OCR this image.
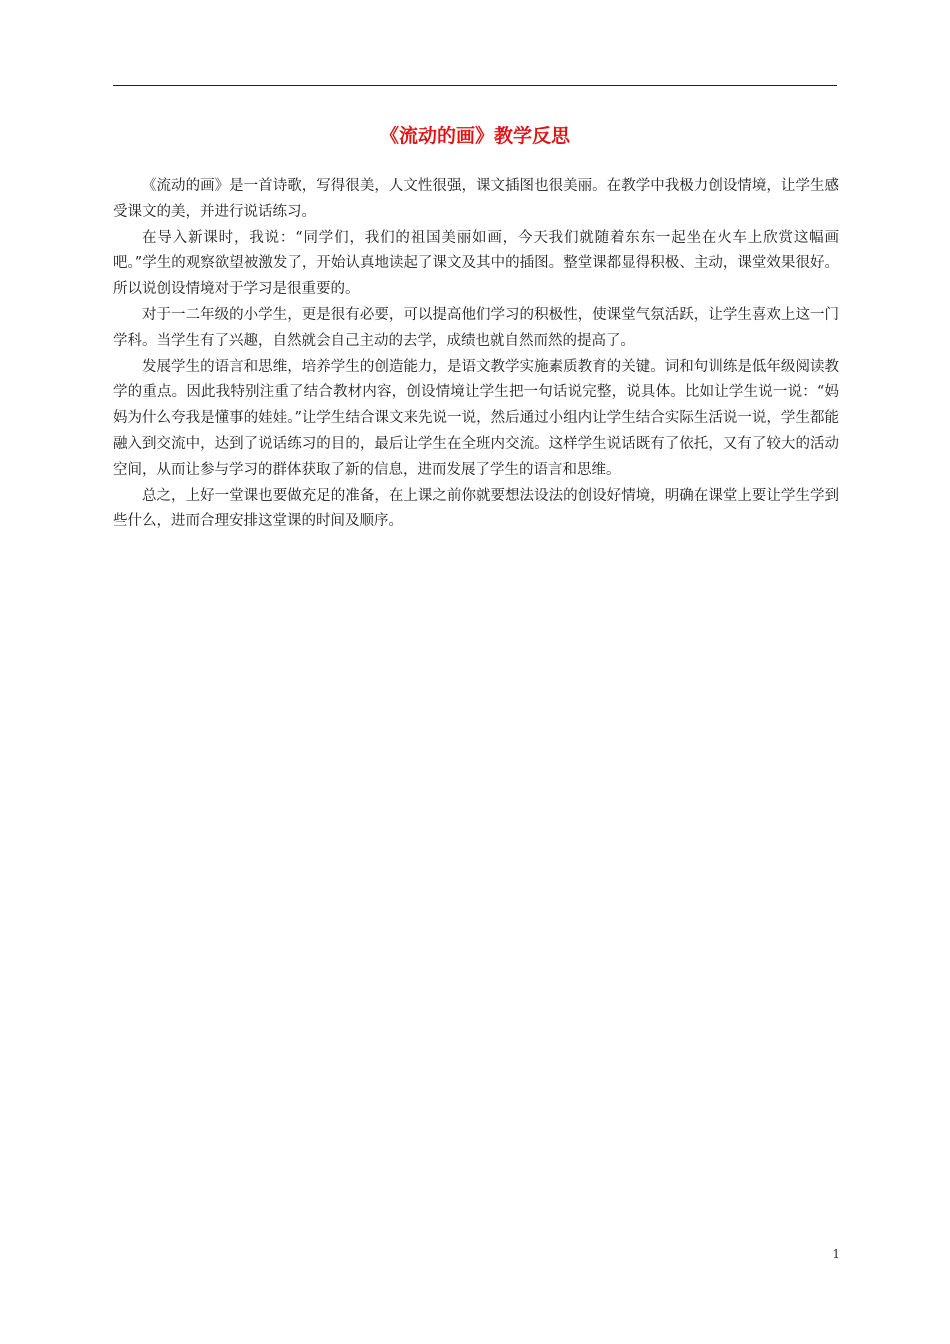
《流动的画》教学反思

《流动的画》是一首诗歌，写得很美，人文性很强，课文插图也很美丽。在教学中我极力创设情境，让学生感受课文的美，并进行说话练习。

在导入新课时，我说：“同学们，我们的祖国美丽如画，今天我们就随着东东一起坐在火车上欣赏这幅画吧。”学生的观察欲望被激发了，开始认真地读起了课文及其中的插图。整堂课都显得积极、主动，课堂效果很好。所以说创设情境对于学习是很重要的。

对于一二年级的小学生，更是很有必要，可以提高他们学习的积极性，使课堂气氛活跃，让学生喜欢上这一门学科。当学生有了兴趣，自然就会自己主动的去学，成绩也就自然而然的提高了。

发展学生的语言和思维，培养学生的创造能力，是语文教学实施素质教育的关键。词和句训练是低年级阅读教学的重点。因此我特别注重了结合教材内容，创设情境让学生把一句话说完整，说具体。比如让学生说一说：“妈妈为什么夸我是懂事的娃娃。”让学生结合课文来先说一说，然后通过小组内让学生结合实际生活说一说，学生都能融入到交流中，达到了说话练习的目的，最后让学生在全班内交流。这样学生说话既有了依托，又有了较大的活动空间，从而让参与学习的群体获取了新的信息，进而发展了学生的语言和思维。

总之，上好一堂课也要做充足的准备，在上课之前你就要想法设法的创设好情境，明确在课堂上要让学生学到些什么，进而合理安排这堂课的时间及顺序。

1
